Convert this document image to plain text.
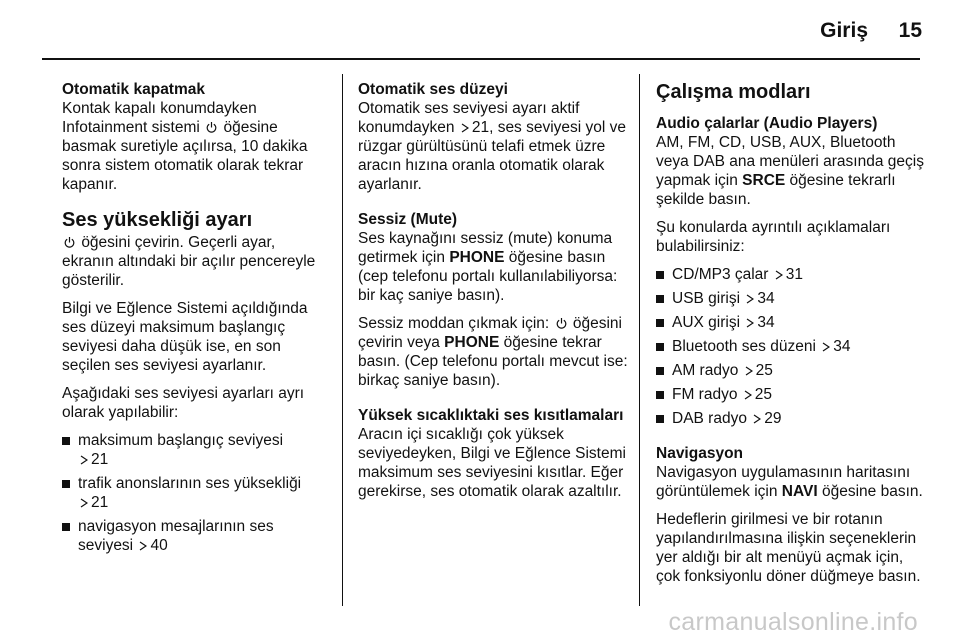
Giriş 15

Otomatik kapatmak

Kontak kapalı konumdayken Infotainment sistemi öğesine basmak suretiyle açılırsa, 10 dakika sonra sistem otomatik olarak tekrar kapanır.

Ses yüksekliği ayarı

öğesini çevirin. Geçerli ayar, ekranın altındaki bir açılır pencereyle gösterilir.

Bilgi ve Eğlence Sistemi açıldığında ses düzeyi maksimum başlangıç seviyesi daha düşük ise, en son seçilen ses seviyesi ayarlanır.

Aşağıdaki ses seviyesi ayarları ayrı olarak yapılabilir:

maksimum başlangıç seviyesi
21
trafik anonslarının ses yüksekliği
21
navigasyon mesajlarının ses seviyesi 40

Otomatik ses düzeyi

Otomatik ses seviyesi ayarı aktif konumdayken 21, ses seviyesi yol ve rüzgar gürültüsünü telafi etmek üzre aracın hızına oranla otomatik olarak ayarlanır.

Sessiz (Mute)

Ses kaynağını sessiz (mute) konuma getirmek için PHONE öğesine basın (cep telefonu portalı kullanılabiliyorsa: bir kaç saniye basın).

Sessiz moddan çıkmak için: öğesini çevirin veya PHONE öğesine tekrar basın. (Cep telefonu portalı mevcut ise: birkaç saniye basın).

Yüksek sıcaklıktaki ses kısıtlamaları

Aracın içi sıcaklığı çok yüksek seviyedeyken, Bilgi ve Eğlence Sistemi maksimum ses seviyesini kısıtlar. Eğer gerekirse, ses otomatik olarak azaltılır.

Çalışma modları

Audio çalarlar (Audio Players)

AM, FM, CD, USB, AUX, Bluetooth veya DAB ana menüleri arasında geçiş yapmak için SRCE öğesine tekrarlı şekilde basın.

Şu konularda ayrıntılı açıklamaları bulabilirsiniz:

CD/MP3 çalar 31
USB girişi 34
AUX girişi 34
Bluetooth ses düzeni 34
AM radyo 25
FM radyo 25
DAB radyo 29

Navigasyon

Navigasyon uygulamasının haritasını görüntülemek için NAVI öğesine basın.

Hedeflerin girilmesi ve bir rotanın yapılandırılmasına ilişkin seçeneklerin yer aldığı bir alt menüyü açmak için, çok fonksiyonlu döner düğmeye basın.

carmanualsonline.info
